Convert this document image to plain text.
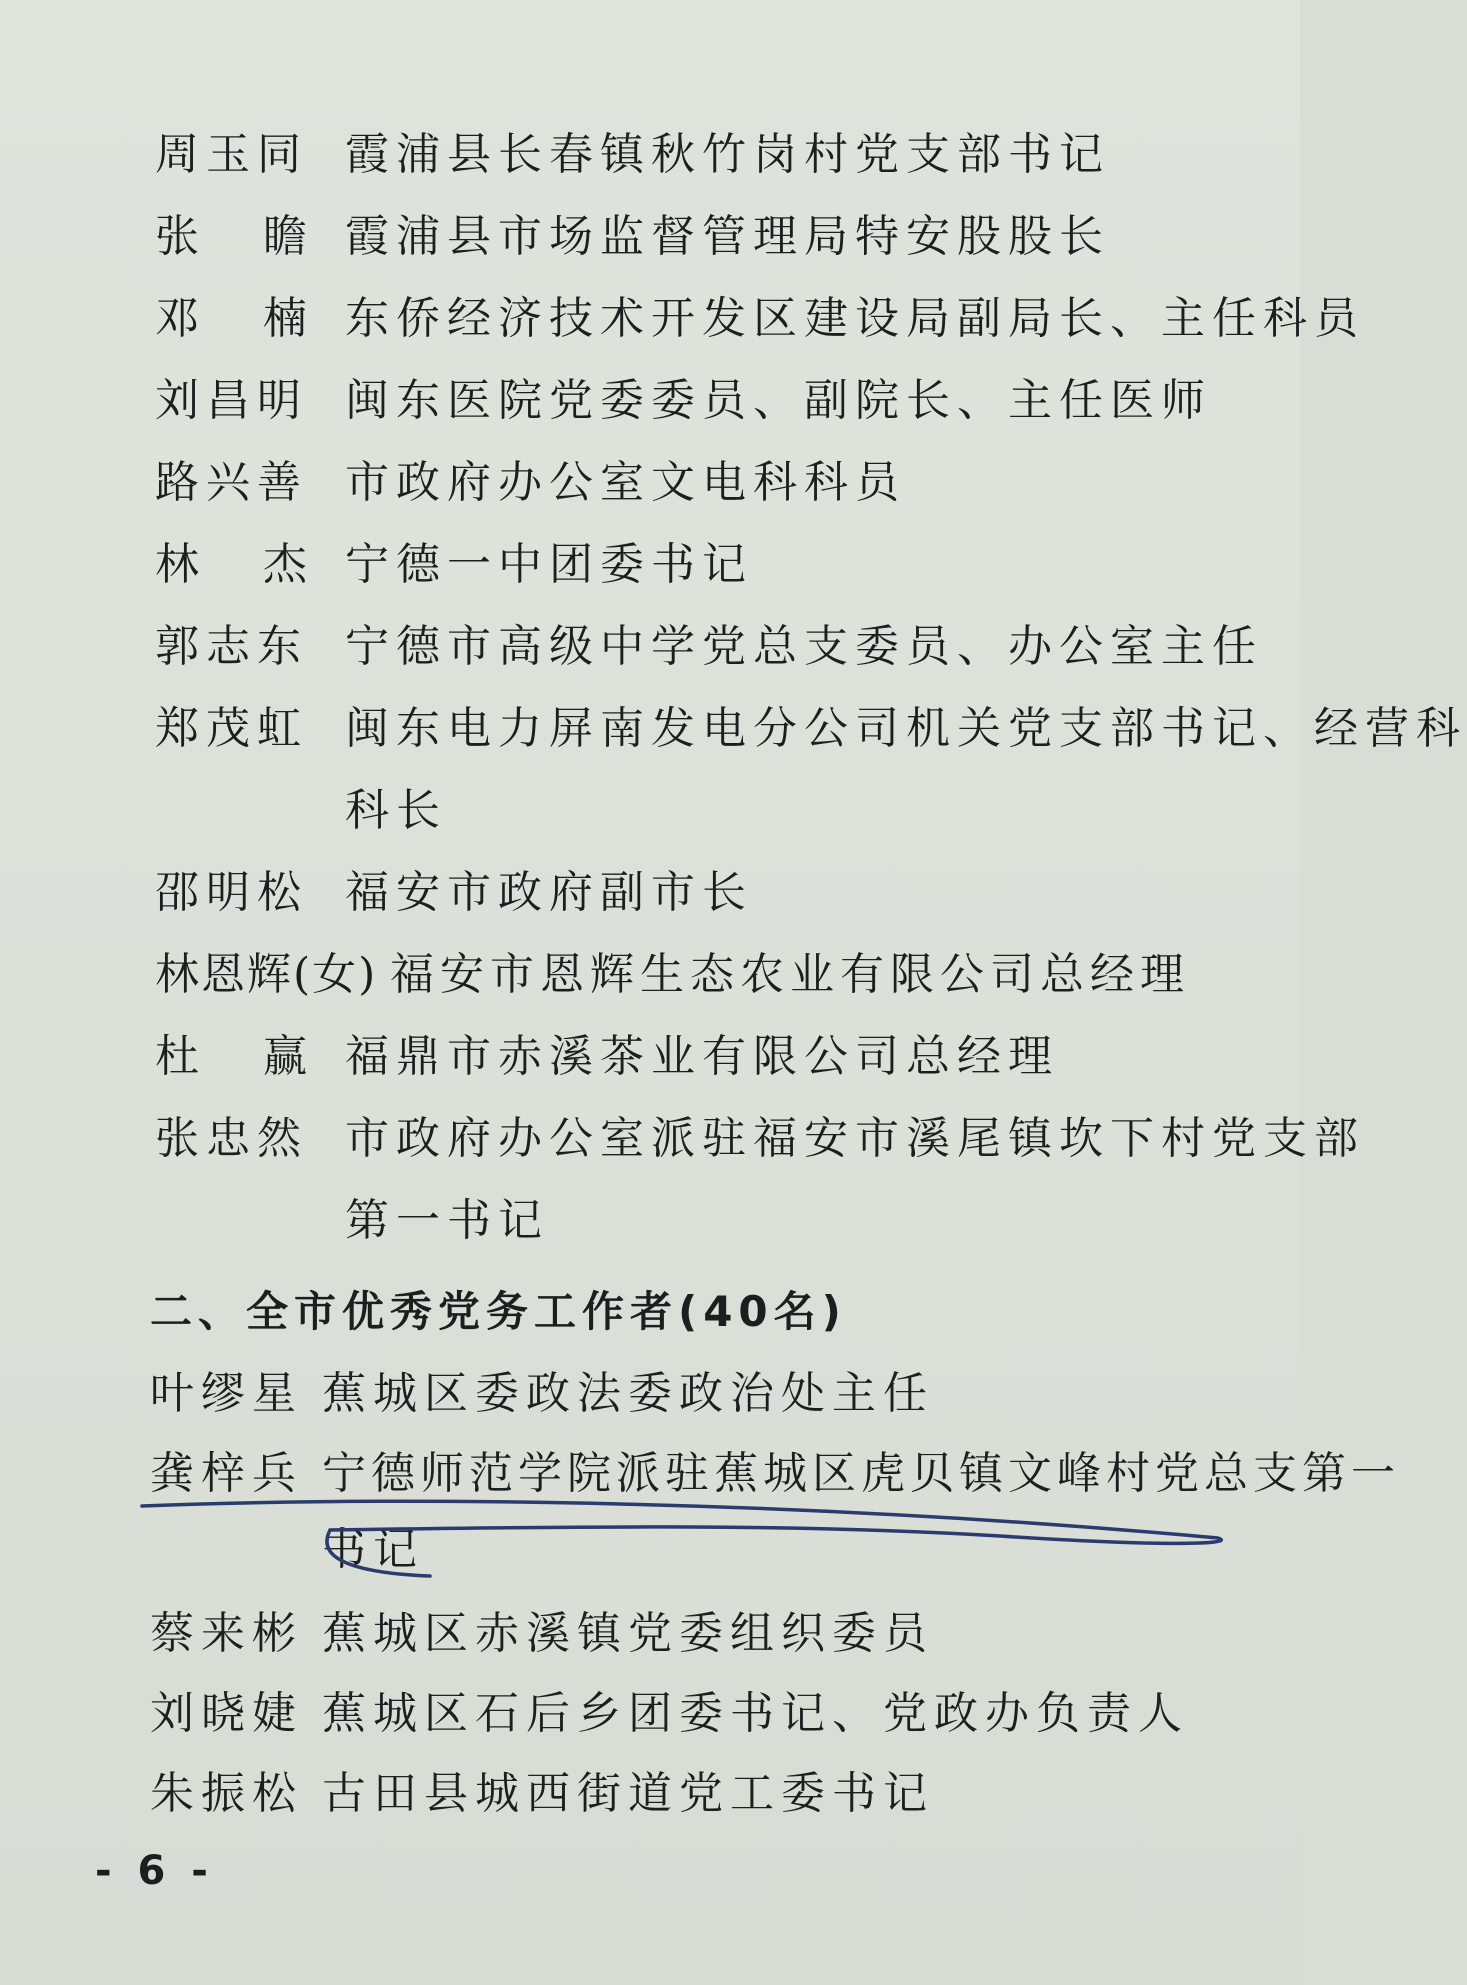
周玉同 霞浦县长春镇秋竹岗村党支部书记
张瞻
霞浦县市场监督管理局特安股股长
邓楠
东侨经济技术开发区建设局副局长、主任科员
刘昌明 闽东医院党委委员、副院长、主任医师
路兴善 市政府办公室文电科科员
林杰
宁德一中团委书记
郭志东 宁德市高级中学党总支委员、办公室主任
郑茂虹 闽东电力屏南发电分公司机关党支部书记、经营科
科长
邵明松 福安市政府副市长
林恩辉(女) 福安市恩辉生态农业有限公司总经理
杜赢
福鼎市赤溪茶业有限公司总经理
张忠然 市政府办公室派驻福安市溪尾镇坎下村党支部
第一书记
二、全市优秀党务工作者(40名)
叶缪星 蕉城区委政法委政治处主任
龚梓兵 宁德师范学院派驻蕉城区虎贝镇文峰村党总支第一
书记
蔡来彬 蕉城区赤溪镇党委组织委员
刘晓婕 蕉城区石后乡团委书记、党政办负责人
朱振松 古田县城西街道党工委书记
- 6 -
